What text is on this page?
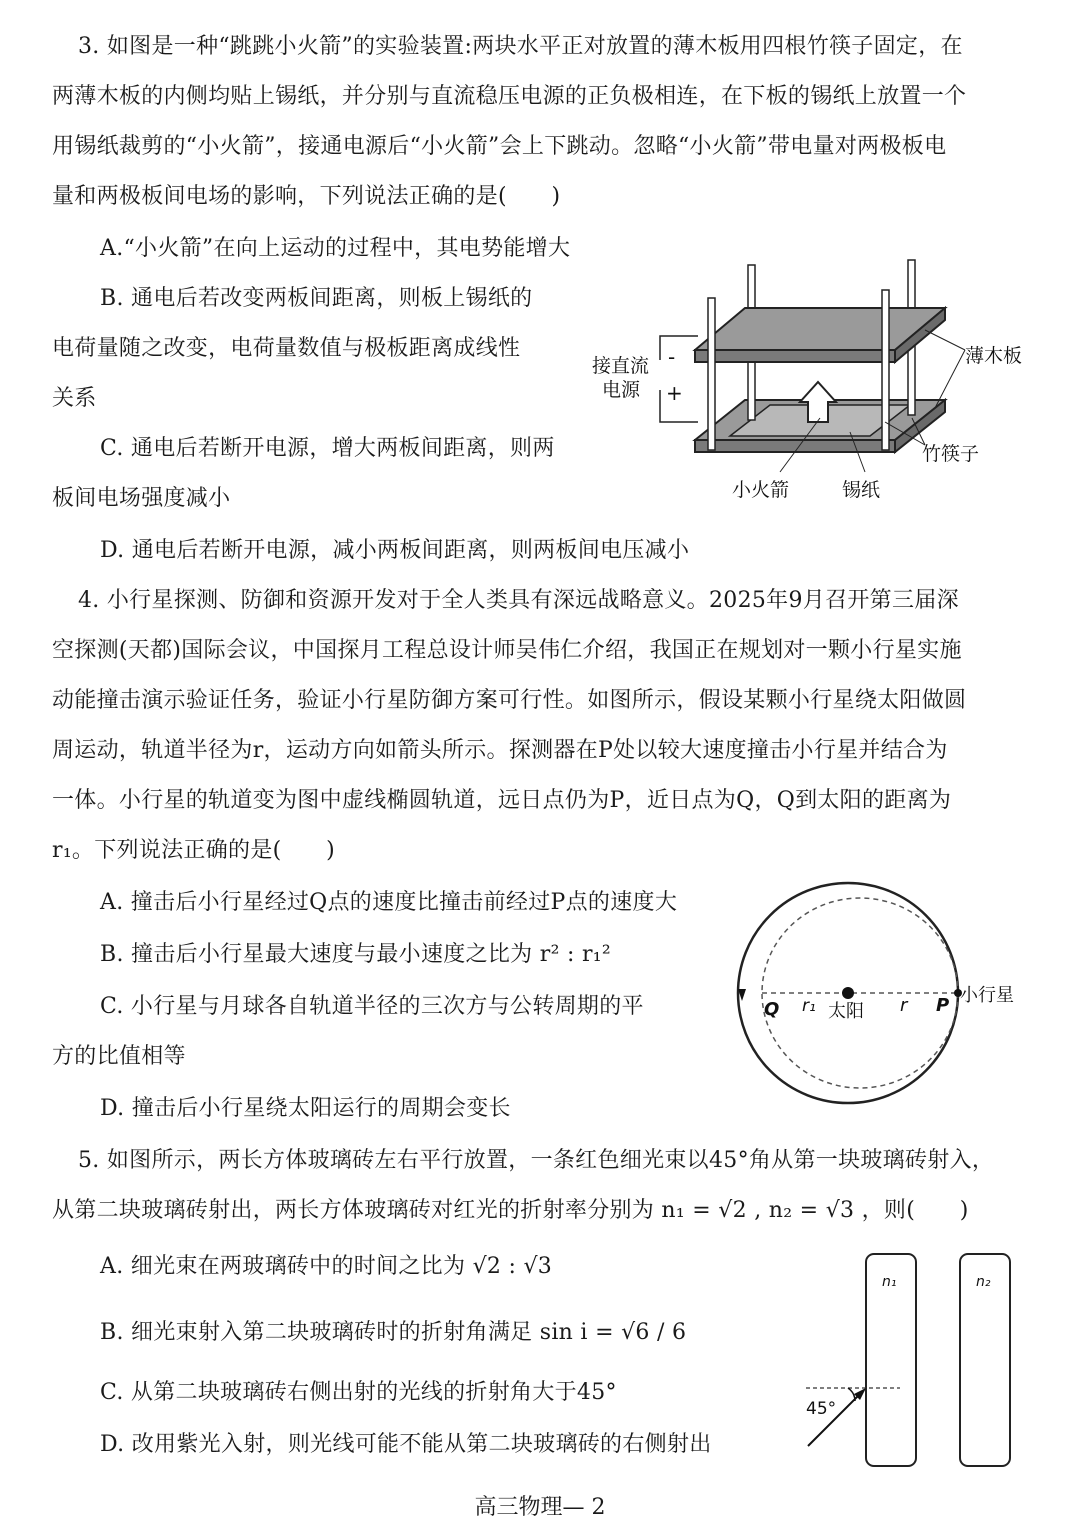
3. 如图是一种“跳跳小火箭”的实验装置:两块水平正对放置的薄木板用四根竹筷子固定，在
两薄木板的内侧均贴上锡纸，并分别与直流稳压电源的正负极相连，在下板的锡纸上放置一个
用锡纸裁剪的“小火箭”，接通电源后“小火箭”会上下跳动。忽略“小火箭”带电量对两极板电
量和两极板间电场的影响，下列说法正确的是(　　)
A.“小火箭”在向上运动的过程中，其电势能增大
B. 通电后若改变两板间距离，则板上锡纸的
电荷量随之改变，电荷量数值与极板距离成线性
关系
C. 通电后若断开电源，增大两板间距离，则两
板间电场强度减小
D. 通电后若断开电源，减小两板间距离，则两板间电压减小
接直流
电源
-
+
薄木板
竹筷子
小火箭	锡纸
4. 小行星探测、防御和资源开发对于全人类具有深远战略意义。2025年9月召开第三届深
空探测(天都)国际会议，中国探月工程总设计师吴伟仁介绍，我国正在规划对一颗小行星实施
动能撞击演示验证任务，验证小行星防御方案可行性。如图所示，假设某颗小行星绕太阳做圆
周运动，轨道半径为r，运动方向如箭头所示。探测器在P处以较大速度撞击小行星并结合为
一体。小行星的轨道变为图中虚线椭圆轨道，远日点仍为P，近日点为Q，Q到太阳的距离为
r₁。下列说法正确的是(　　)
A. 撞击后小行星经过Q点的速度比撞击前经过P点的速度大
B. 撞击后小行星最大速度与最小速度之比为 r² : r₁²
C. 小行星与月球各自轨道半径的三次方与公转周期的平
方的比值相等
D. 撞击后小行星绕太阳运行的周期会变长
Q r₁ 太阳 r P 小行星
5. 如图所示，两长方体玻璃砖左右平行放置，一条红色细光束以45°角从第一块玻璃砖射入，
从第二块玻璃砖射出，两长方体玻璃砖对红光的折射率分别为 n₁ = √2 , n₂ = √3 ，则(　　)
A. 细光束在两玻璃砖中的时间之比为 √2 : √3
B. 细光束射入第二块玻璃砖时的折射角满足 sin i = √6 / 6
C. 从第二块玻璃砖右侧出射的光线的折射角大于45°
D. 改用紫光入射，则光线可能不能从第二块玻璃砖的右侧射出
n₁	n₂
45°
高三物理— 2
